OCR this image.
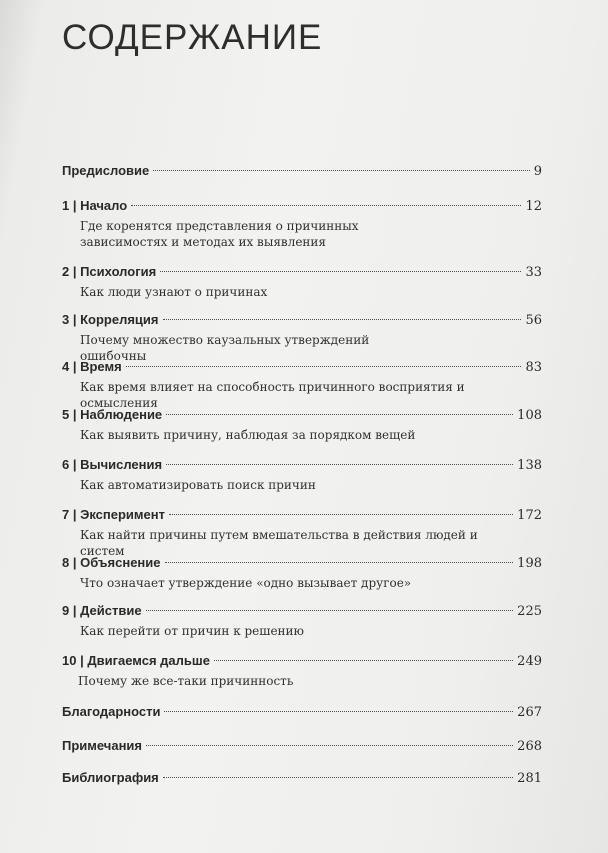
СОДЕРЖАНИЕ
Предисловие	9
1 | Начало	12
Где коренятся представления о причинных зависимостях и методах их выявления
2 | Психология	33
Как люди узнают о причинах
3 | Корреляция	56
Почему множество каузальных утверждений ошибочны
4 | Время	83
Как время влияет на способность причинного восприятия и осмысления
5 | Наблюдение	108
Как выявить причину, наблюдая за порядком вещей
6 | Вычисления	138
Как автоматизировать поиск причин
7 | Эксперимент	172
Как найти причины путем вмешательства в действия людей и систем
8 | Объяснение	198
Что означает утверждение «одно вызывает другое»
9 | Действие	225
Как перейти от причин к решению
10 | Двигаемся дальше	249
Почему же все-таки причинность
Благодарности	267
Примечания	268
Библиография	281
